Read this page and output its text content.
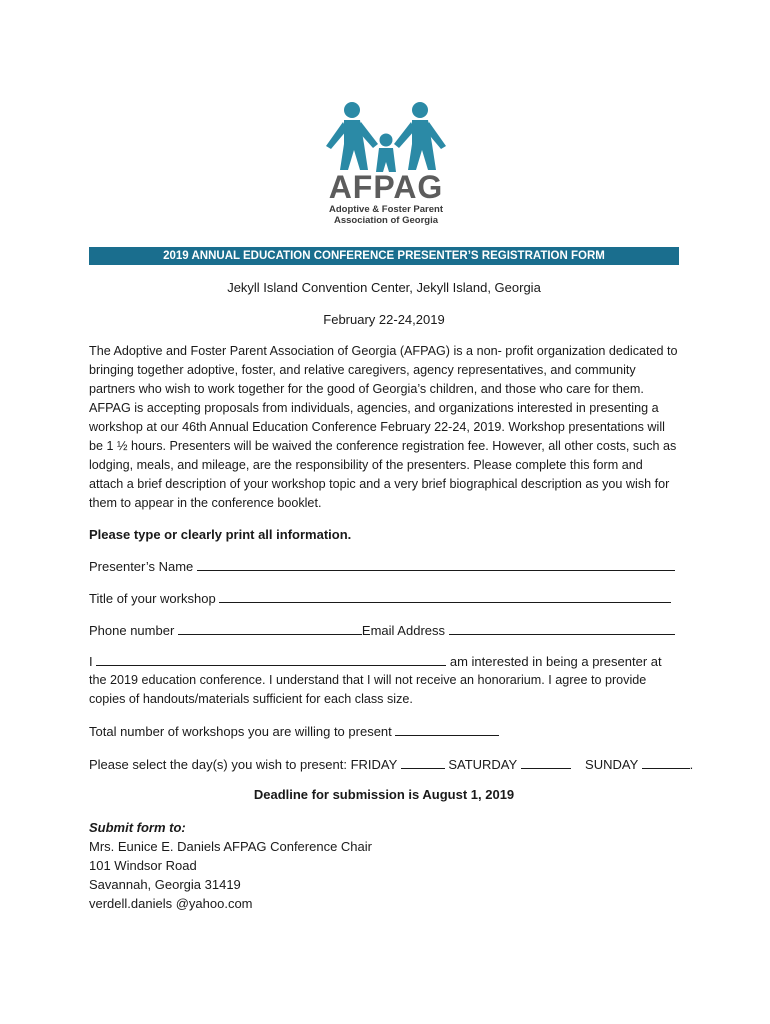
AFPAG
Adoptive & Foster Parent
Association of Georgia
2019 ANNUAL EDUCATION CONFERENCE PRESENTER’S REGISTRATION FORM
Jekyll Island Convention Center, Jekyll Island, Georgia
February 22-24,2019
The Adoptive and Foster Parent Association of Georgia (AFPAG) is a non- profit organization dedicated to bringing together adoptive, foster, and relative caregivers, agency representatives, and community partners who wish to work together for the good of Georgia’s children, and those who care for them. AFPAG is accepting proposals from individuals, agencies, and organizations interested in presenting a workshop at our 46th Annual Education Conference February 22-24, 2019. Workshop presentations will be 1 ½ hours. Presenters will be waived the conference registration fee. However, all other costs, such as lodging, meals, and mileage, are the responsibility of the presenters. Please complete this form and attach a brief description of your workshop topic and a very brief biographical description as you wish for them to appear in the conference booklet.
Please type or clearly print all information.
Presenter’s Name
Title of your workshop
Phone number	Email Address
I	am interested in being a presenter at
the 2019 education conference. I understand that I will not receive an honorarium. I agree to provide copies of handouts/materials sufficient for each class size.
Total number of workshops you are willing to present
Please select the day(s) you wish to present: FRIDAY	SATURDAY	SUNDAY	.
Deadline for submission is August 1, 2019
Submit form to:
Mrs. Eunice E. Daniels AFPAG Conference Chair
101 Windsor Road
Savannah, Georgia 31419
verdell.daniels @yahoo.com
